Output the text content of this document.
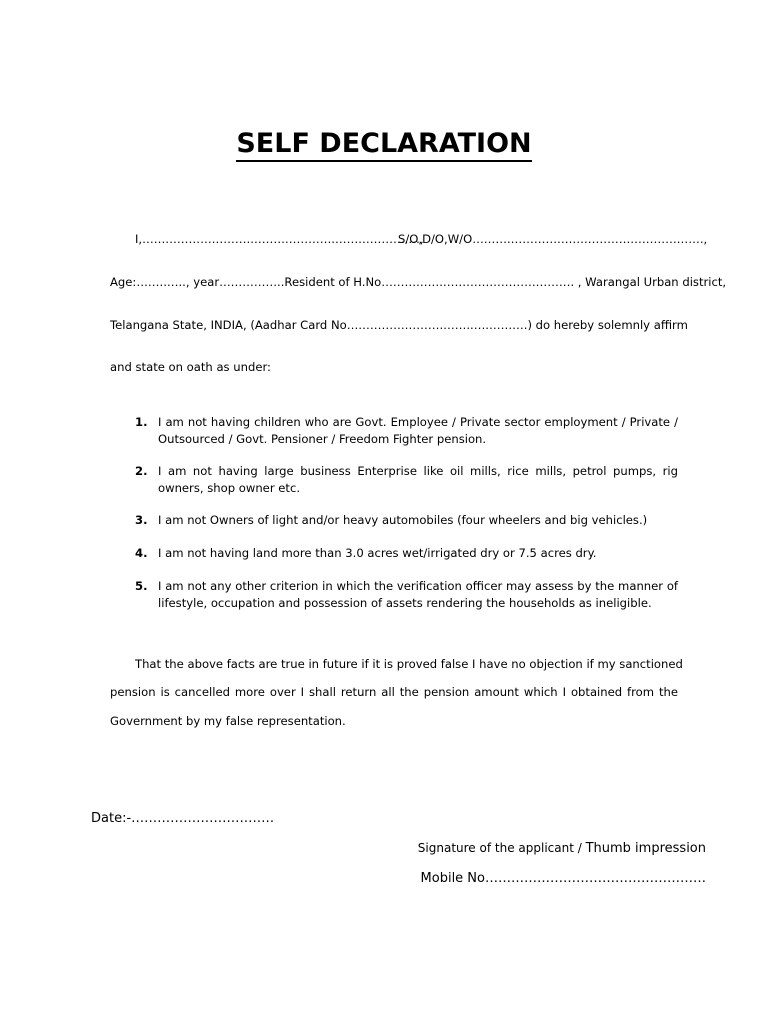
SELF DECLARATION
I,……………………….………………….………………….,
S/O,D/O,W/O……….…………….…………………………….,
Age:……..….., year……………..Resident of H.No…………….……………………………. , Warangal Urban district,
Telangana State, INDIA, (Aadhar Card No…………………….……..….……….) do hereby solemnly affirm
and state on oath as under:
1. I am not having children who are Govt. Employee / Private sector employment / Private / Outsourced / Govt. Pensioner / Freedom Fighter pension.
2. I am not having large business Enterprise like oil mills, rice mills, petrol pumps, rig owners, shop owner etc.
3. I am not Owners of light and/or heavy automobiles (four wheelers and big vehicles.)
4. I am not having land more than 3.0 acres wet/irrigated dry or 7.5 acres dry.
5. I am not any other criterion in which the verification officer may assess by the manner of lifestyle, occupation and possession of assets rendering the households as ineligible.
That the above facts are true in future if it is proved false I have no objection if my sanctioned
pension is cancelled more over I shall return all the pension amount which I obtained from the
Government by my false representation.
Date:-……………………………
Signature of the applicant / Thumb impression
Mobile No……………………………………………
